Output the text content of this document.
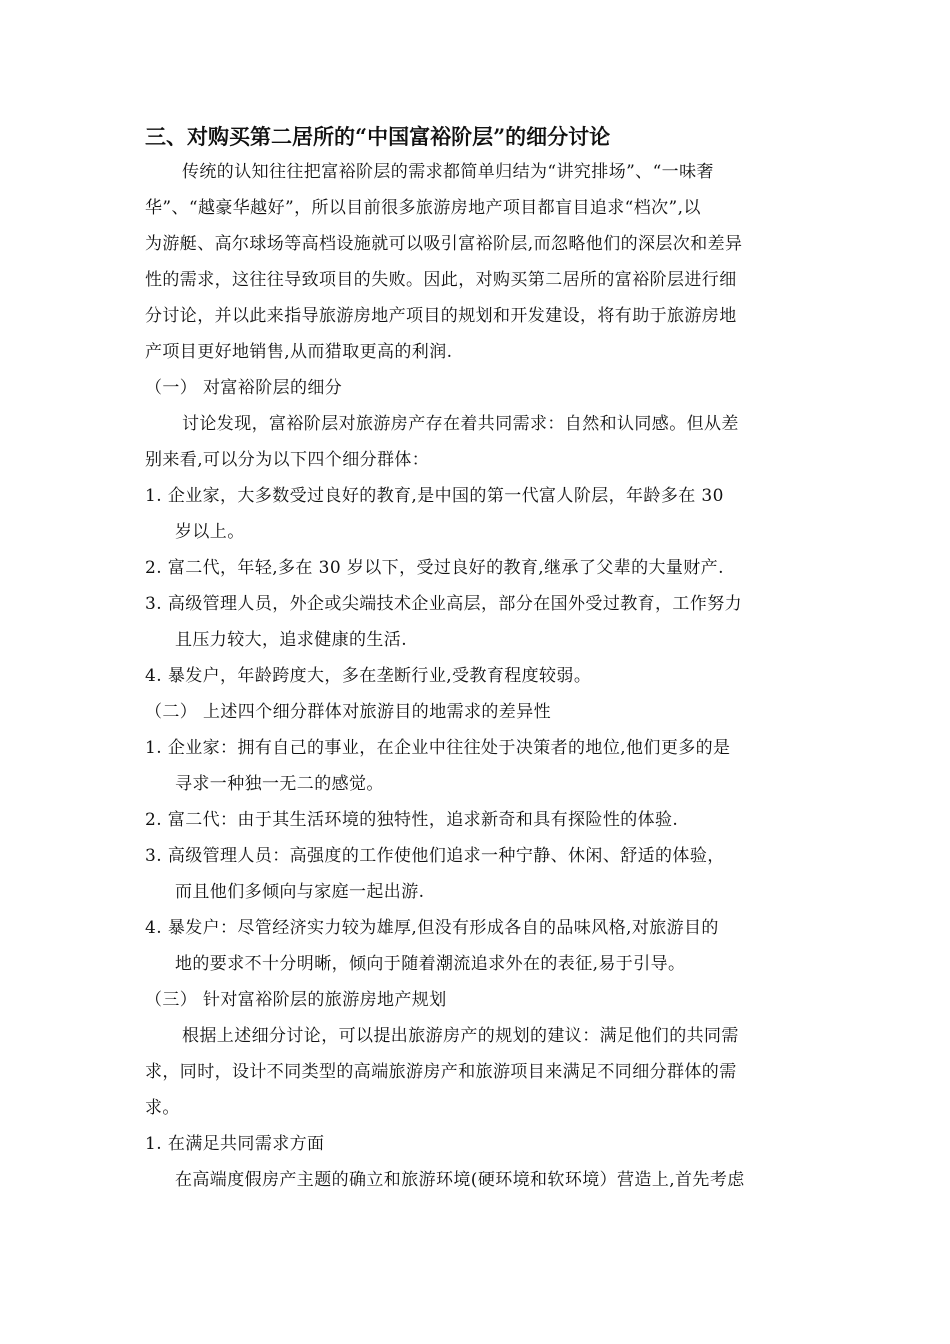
三、对购买第二居所的“中国富裕阶层”的细分讨论
传统的认知往往把富裕阶层的需求都简单归结为“讲究排场”、“一味奢
华”、“越豪华越好”，所以目前很多旅游房地产项目都盲目追求“档次”,以
为游艇、高尔球场等高档设施就可以吸引富裕阶层,而忽略他们的深层次和差异
性的需求，这往往导致项目的失败。因此，对购买第二居所的富裕阶层进行细
分讨论，并以此来指导旅游房地产项目的规划和开发建设，将有助于旅游房地
产项目更好地销售,从而猎取更高的利润.
（一） 对富裕阶层的细分
讨论发现，富裕阶层对旅游房产存在着共同需求：自然和认同感。但从差
别来看,可以分为以下四个细分群体：
1. 企业家，大多数受过良好的教育,是中国的第一代富人阶层，年龄多在 30
岁以上。
2. 富二代，年轻,多在 30 岁以下，受过良好的教育,继承了父辈的大量财产.
3. 高级管理人员，外企或尖端技术企业高层，部分在国外受过教育，工作努力
且压力较大，追求健康的生活.
4. 暴发户，年龄跨度大，多在垄断行业,受教育程度较弱。
（二） 上述四个细分群体对旅游目的地需求的差异性
1. 企业家：拥有自己的事业，在企业中往往处于决策者的地位,他们更多的是
寻求一种独一无二的感觉。
2. 富二代：由于其生活环境的独特性，追求新奇和具有探险性的体验.
3. 高级管理人员：高强度的工作使他们追求一种宁静、休闲、舒适的体验，
而且他们多倾向与家庭一起出游.
4. 暴发户：尽管经济实力较为雄厚,但没有形成各自的品味风格,对旅游目的
地的要求不十分明晰，倾向于随着潮流追求外在的表征,易于引导。
（三） 针对富裕阶层的旅游房地产规划
根据上述细分讨论，可以提出旅游房产的规划的建议：满足他们的共同需
求，同时，设计不同类型的高端旅游房产和旅游项目来满足不同细分群体的需
求。
1. 在满足共同需求方面
在高端度假房产主题的确立和旅游环境(硬环境和软环境）营造上,首先考虑
